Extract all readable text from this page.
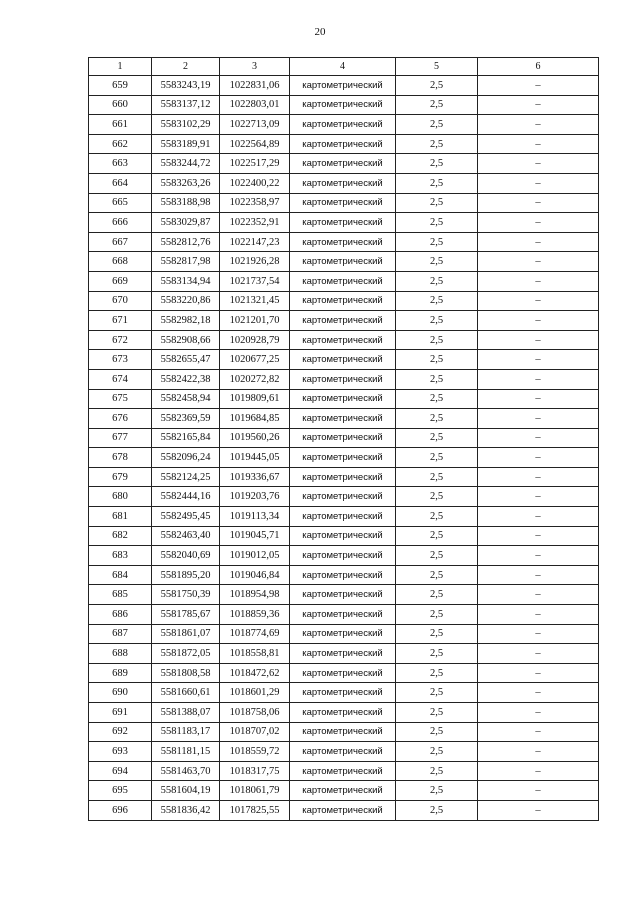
20
1	2	3	4	5	6
659	5583243,19	1022831,06	картометрический	2,5	–
660	5583137,12	1022803,01	картометрический	2,5	–
661	5583102,29	1022713,09	картометрический	2,5	–
662	5583189,91	1022564,89	картометрический	2,5	–
663	5583244,72	1022517,29	картометрический	2,5	–
664	5583263,26	1022400,22	картометрический	2,5	–
665	5583188,98	1022358,97	картометрический	2,5	–
666	5583029,87	1022352,91	картометрический	2,5	–
667	5582812,76	1022147,23	картометрический	2,5	–
668	5582817,98	1021926,28	картометрический	2,5	–
669	5583134,94	1021737,54	картометрический	2,5	–
670	5583220,86	1021321,45	картометрический	2,5	–
671	5582982,18	1021201,70	картометрический	2,5	–
672	5582908,66	1020928,79	картометрический	2,5	–
673	5582655,47	1020677,25	картометрический	2,5	–
674	5582422,38	1020272,82	картометрический	2,5	–
675	5582458,94	1019809,61	картометрический	2,5	–
676	5582369,59	1019684,85	картометрический	2,5	–
677	5582165,84	1019560,26	картометрический	2,5	–
678	5582096,24	1019445,05	картометрический	2,5	–
679	5582124,25	1019336,67	картометрический	2,5	–
680	5582444,16	1019203,76	картометрический	2,5	–
681	5582495,45	1019113,34	картометрический	2,5	–
682	5582463,40	1019045,71	картометрический	2,5	–
683	5582040,69	1019012,05	картометрический	2,5	–
684	5581895,20	1019046,84	картометрический	2,5	–
685	5581750,39	1018954,98	картометрический	2,5	–
686	5581785,67	1018859,36	картометрический	2,5	–
687	5581861,07	1018774,69	картометрический	2,5	–
688	5581872,05	1018558,81	картометрический	2,5	–
689	5581808,58	1018472,62	картометрический	2,5	–
690	5581660,61	1018601,29	картометрический	2,5	–
691	5581388,07	1018758,06	картометрический	2,5	–
692	5581183,17	1018707,02	картометрический	2,5	–
693	5581181,15	1018559,72	картометрический	2,5	–
694	5581463,70	1018317,75	картометрический	2,5	–
695	5581604,19	1018061,79	картометрический	2,5	–
696	5581836,42	1017825,55	картометрический	2,5	–
